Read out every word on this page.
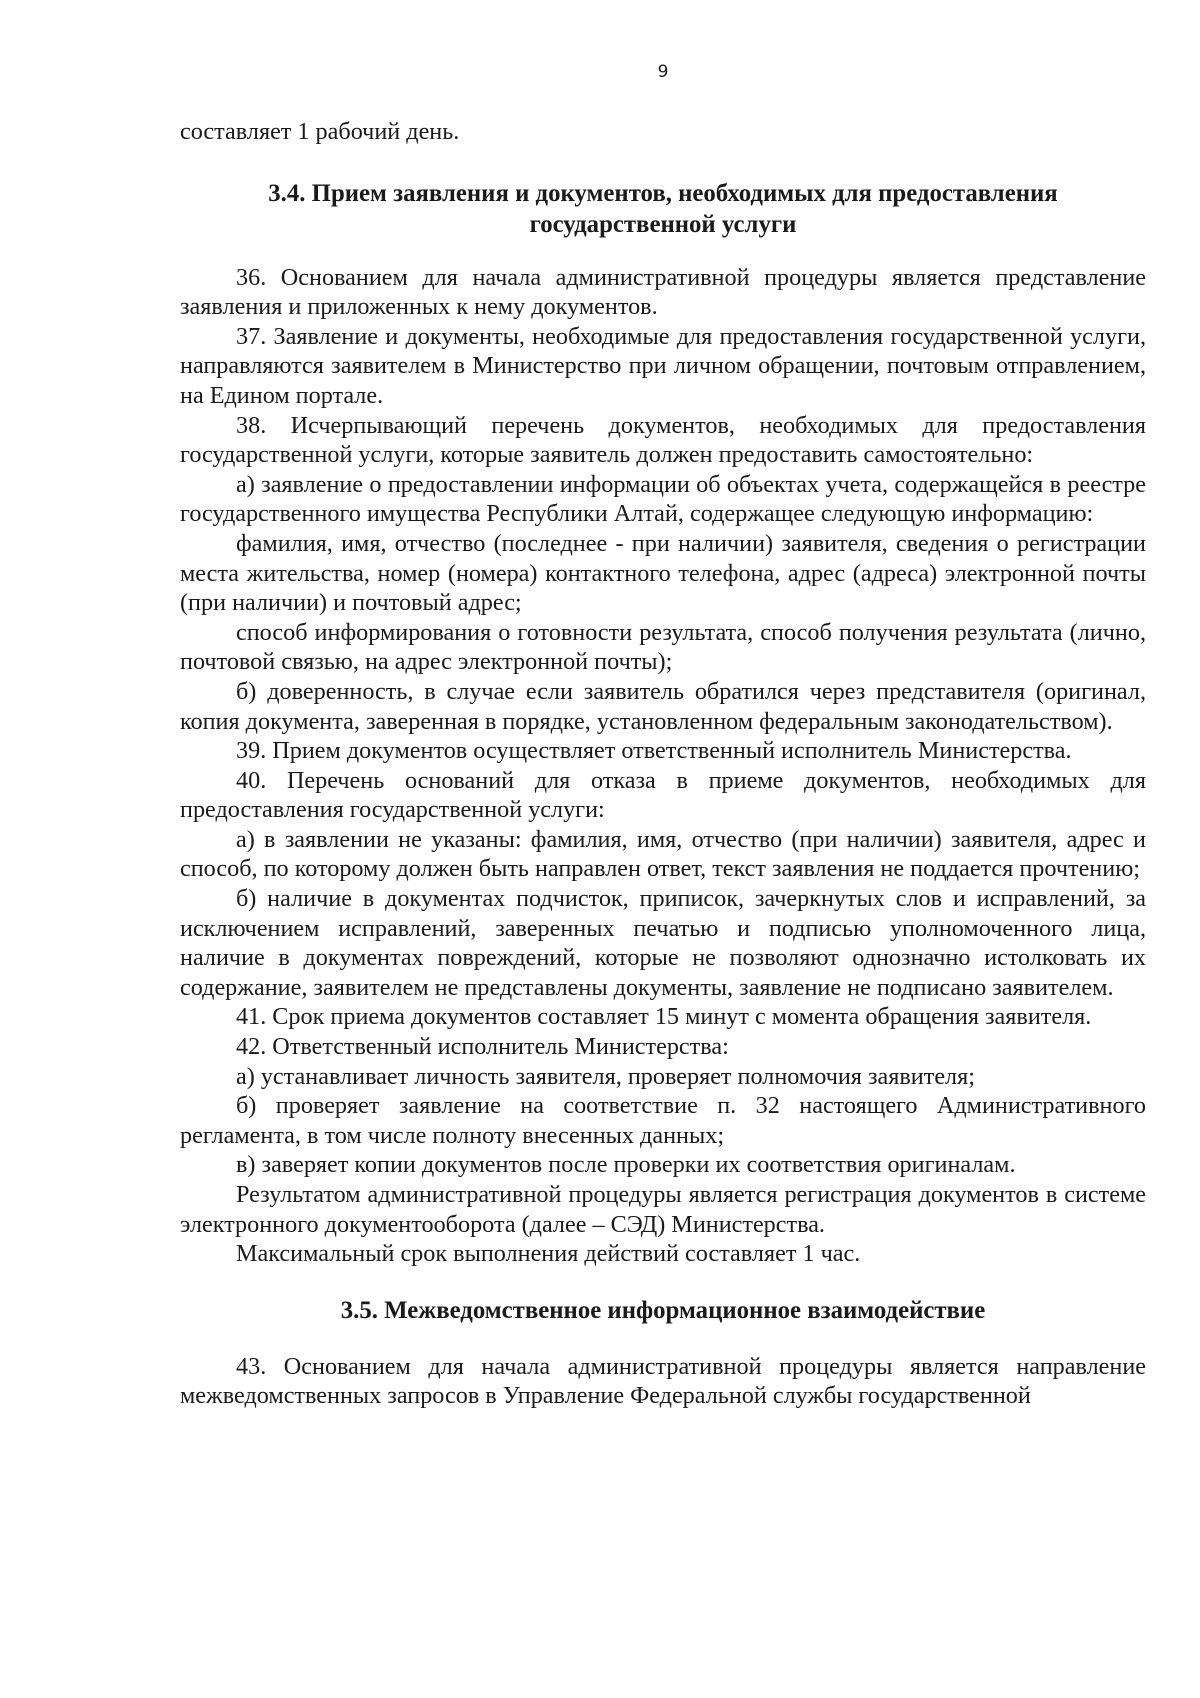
9

составляет 1 рабочий день.

3.4. Прием заявления и документов, необходимых для предоставления
государственной услуги

36. Основанием для начала административной процедуры является представление заявления и приложенных к нему документов.

37. Заявление и документы, необходимые для предоставления государственной услуги, направляются заявителем в Министерство при личном обращении, почтовым отправлением, на Едином портале.

38. Исчерпывающий перечень документов, необходимых для предоставления государственной услуги, которые заявитель должен предоставить самостоятельно:

а) заявление о предоставлении информации об объектах учета, содержащейся в реестре государственного имущества Республики Алтай, содержащее следующую информацию:

фамилия, имя, отчество (последнее - при наличии) заявителя, сведения о регистрации места жительства, номер (номера) контактного телефона, адрес (адреса) электронной почты (при наличии) и почтовый адрес;

способ информирования о готовности результата, способ получения результата (лично, почтовой связью, на адрес электронной почты);

б) доверенность, в случае если заявитель обратился через представителя (оригинал, копия документа, заверенная в порядке, установленном федеральным законодательством).

39. Прием документов осуществляет ответственный исполнитель Министерства.

40. Перечень оснований для отказа в приеме документов, необходимых для предоставления государственной услуги:

а) в заявлении не указаны: фамилия, имя, отчество (при наличии) заявителя, адрес и способ, по которому должен быть направлен ответ, текст заявления не поддается прочтению;

б) наличие в документах подчисток, приписок, зачеркнутых слов и исправлений, за исключением исправлений, заверенных печатью и подписью уполномоченного лица, наличие в документах повреждений, которые не позволяют однозначно истолковать их содержание, заявителем не представлены документы, заявление не подписано заявителем.

41. Срок приема документов составляет 15 минут с момента обращения заявителя.

42. Ответственный исполнитель Министерства:

а) устанавливает личность заявителя, проверяет полномочия заявителя;

б) проверяет заявление на соответствие п. 32 настоящего Административного регламента, в том числе полноту внесенных данных;

в) заверяет копии документов после проверки их соответствия оригиналам.

Результатом административной процедуры является регистрация документов в системе электронного документооборота (далее – СЭД) Министерства.

Максимальный срок выполнения действий составляет 1 час.

3.5. Межведомственное информационное взаимодействие

43. Основанием для начала административной процедуры является направление межведомственных запросов в Управление Федеральной службы государственной
